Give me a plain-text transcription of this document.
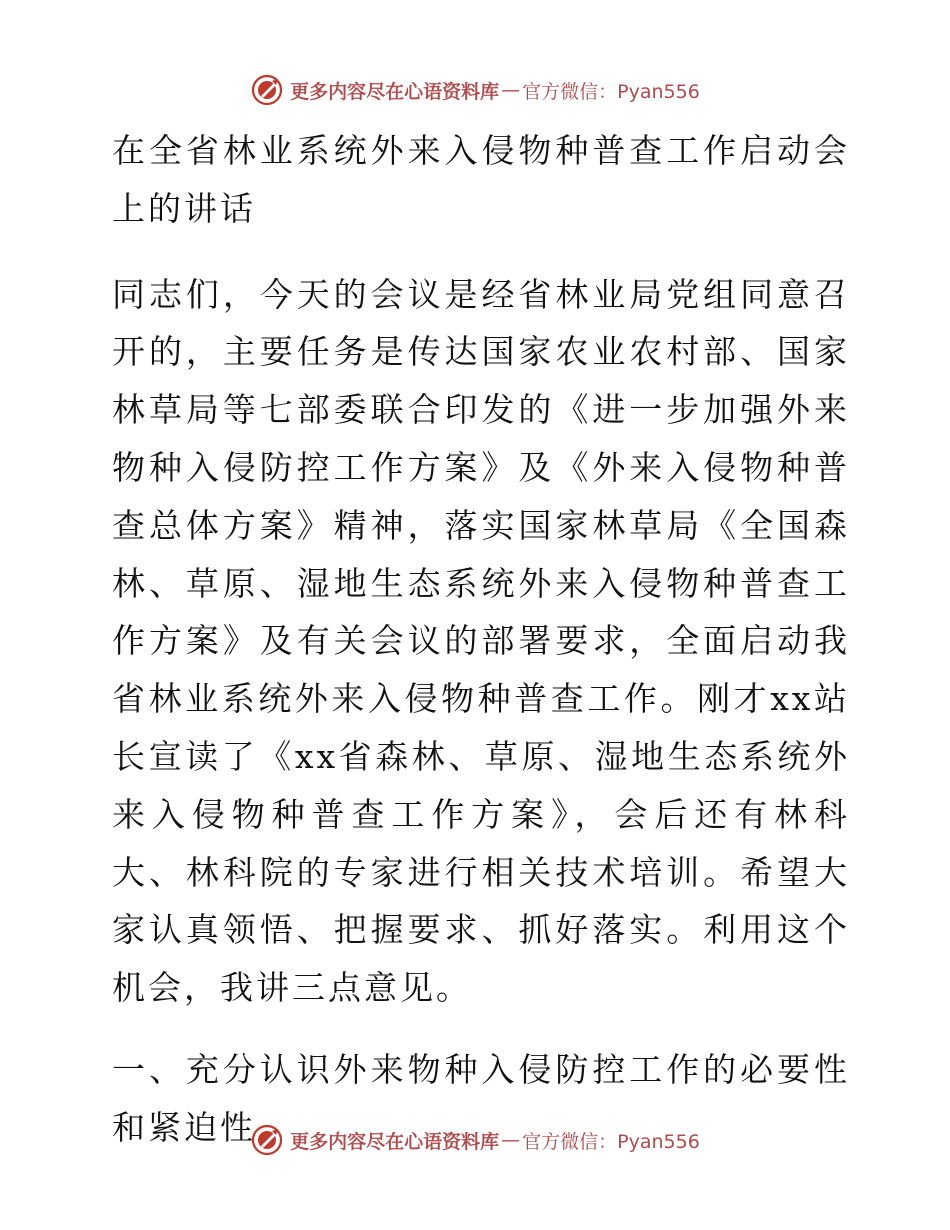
更多内容尽在心语资料库 — 官方微信：Pyan556

在全省林业系统外来入侵物种普查工作启动会上的讲话

同志们，今天的会议是经省林业局党组同意召开的，主要任务是传达国家农业农村部、国家林草局等七部委联合印发的《进一步加强外来物种入侵防控工作方案》及《外来入侵物种普查总体方案》精神，落实国家林草局《全国森林、草原、湿地生态系统外来入侵物种普查工作方案》及有关会议的部署要求，全面启动我省林业系统外来入侵物种普查工作。刚才xx站长宣读了《xx省森林、草原、湿地生态系统外来入侵物种普查工作方案》，会后还有林科大、林科院的专家进行相关技术培训。希望大家认真领悟、把握要求、抓好落实。利用这个机会，我讲三点意见。

一、充分认识外来物种入侵防控工作的必要性和紧迫性	更多内容尽在心语资料库 — 官方微信：Pyan556
